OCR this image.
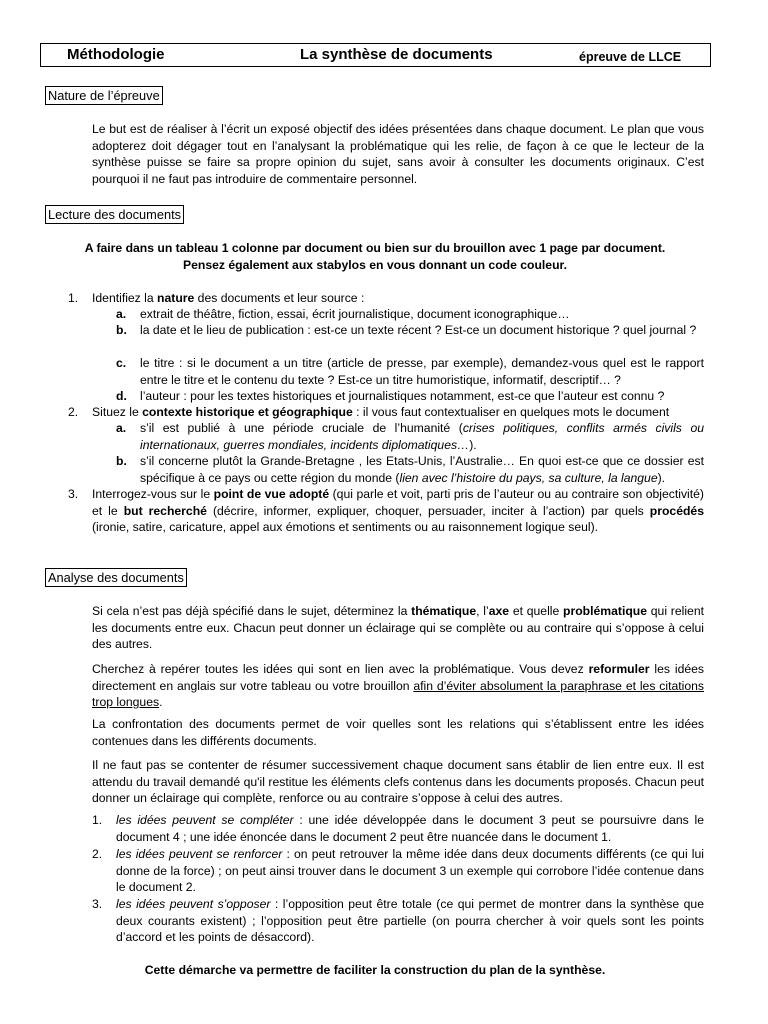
Méthodologie	La synthèse de documents	épreuve de LLCE
Nature de l’épreuve
Le but est de réaliser à l’écrit un exposé objectif des idées présentées dans chaque document. Le plan que vous adopterez doit dégager tout en l’analysant la problématique qui les relie, de façon à ce que le lecteur de la synthèse puisse se faire sa propre opinion du sujet, sans avoir à consulter les documents originaux. C’est pourquoi il ne faut pas introduire de commentaire personnel.
Lecture des documents
A faire dans un tableau 1 colonne par document ou bien sur du brouillon avec 1 page par document.
Pensez également aux stabylos en vous donnant un code couleur.
1. Identifiez la nature des documents et leur source :
a. extrait de théâtre, fiction, essai, écrit journalistique, document iconographique…
b. la date et le lieu de publication : est-ce un texte récent ? Est-ce un document historique ? quel journal ?
c. le titre : si le document a un titre (article de presse, par exemple), demandez-vous quel est le rapport entre le titre et le contenu du texte ? Est-ce un titre humoristique, informatif, descriptif… ?
d. l’auteur : pour les textes historiques et journalistiques notamment, est-ce que l’auteur est connu ?
2. Situez le contexte historique et géographique : il vous faut contextualiser en quelques mots le document
a. s’il est publié à une période cruciale de l’humanité (crises politiques, conflits armés civils ou internationaux, guerres mondiales, incidents diplomatiques…).
b. s’il concerne plutôt la Grande-Bretagne , les Etats-Unis, l’Australie… En quoi est-ce que ce dossier est spécifique à ce pays ou cette région du monde (lien avec l’histoire du pays, sa culture, la langue).
3. Interrogez-vous sur le point de vue adopté (qui parle et voit, parti pris de l’auteur ou au contraire son objectivité) et le but recherché (décrire, informer, expliquer, choquer, persuader, inciter à l’action) par quels procédés (ironie, satire, caricature, appel aux émotions et sentiments ou au raisonnement logique seul).
Analyse des documents
Si cela n’est pas déjà spécifié dans le sujet, déterminez la thématique, l’axe et quelle problématique qui relient les documents entre eux. Chacun peut donner un éclairage qui se complète ou au contraire qui s’oppose à celui des autres.
Cherchez à repérer toutes les idées qui sont en lien avec la problématique. Vous devez reformuler les idées directement en anglais sur votre tableau ou votre brouillon afin d’éviter absolument la paraphrase et les citations trop longues.
La confrontation des documents permet de voir quelles sont les relations qui s’établissent entre les idées contenues dans les différents documents.
Il ne faut pas se contenter de résumer successivement chaque document sans établir de lien entre eux. Il est attendu du travail demandé qu'il restitue les éléments clefs contenus dans les documents proposés. Chacun peut donner un éclairage qui complète, renforce ou au contraire s’oppose à celui des autres.
1. les idées peuvent se compléter : une idée développée dans le document 3 peut se poursuivre dans le document 4 ; une idée énoncée dans le document 2 peut être nuancée dans le document 1.
2. les idées peuvent se renforcer : on peut retrouver la même idée dans deux documents différents (ce qui lui donne de la force) ; on peut ainsi trouver dans le document 3 un exemple qui corrobore l’idée contenue dans le document 2.
3. les idées peuvent s’opposer : l’opposition peut être totale (ce qui permet de montrer dans la synthèse que deux courants existent) ; l’opposition peut être partielle (on pourra chercher à voir quels sont les points d’accord et les points de désaccord).
Cette démarche va permettre de faciliter la construction du plan de la synthèse.
